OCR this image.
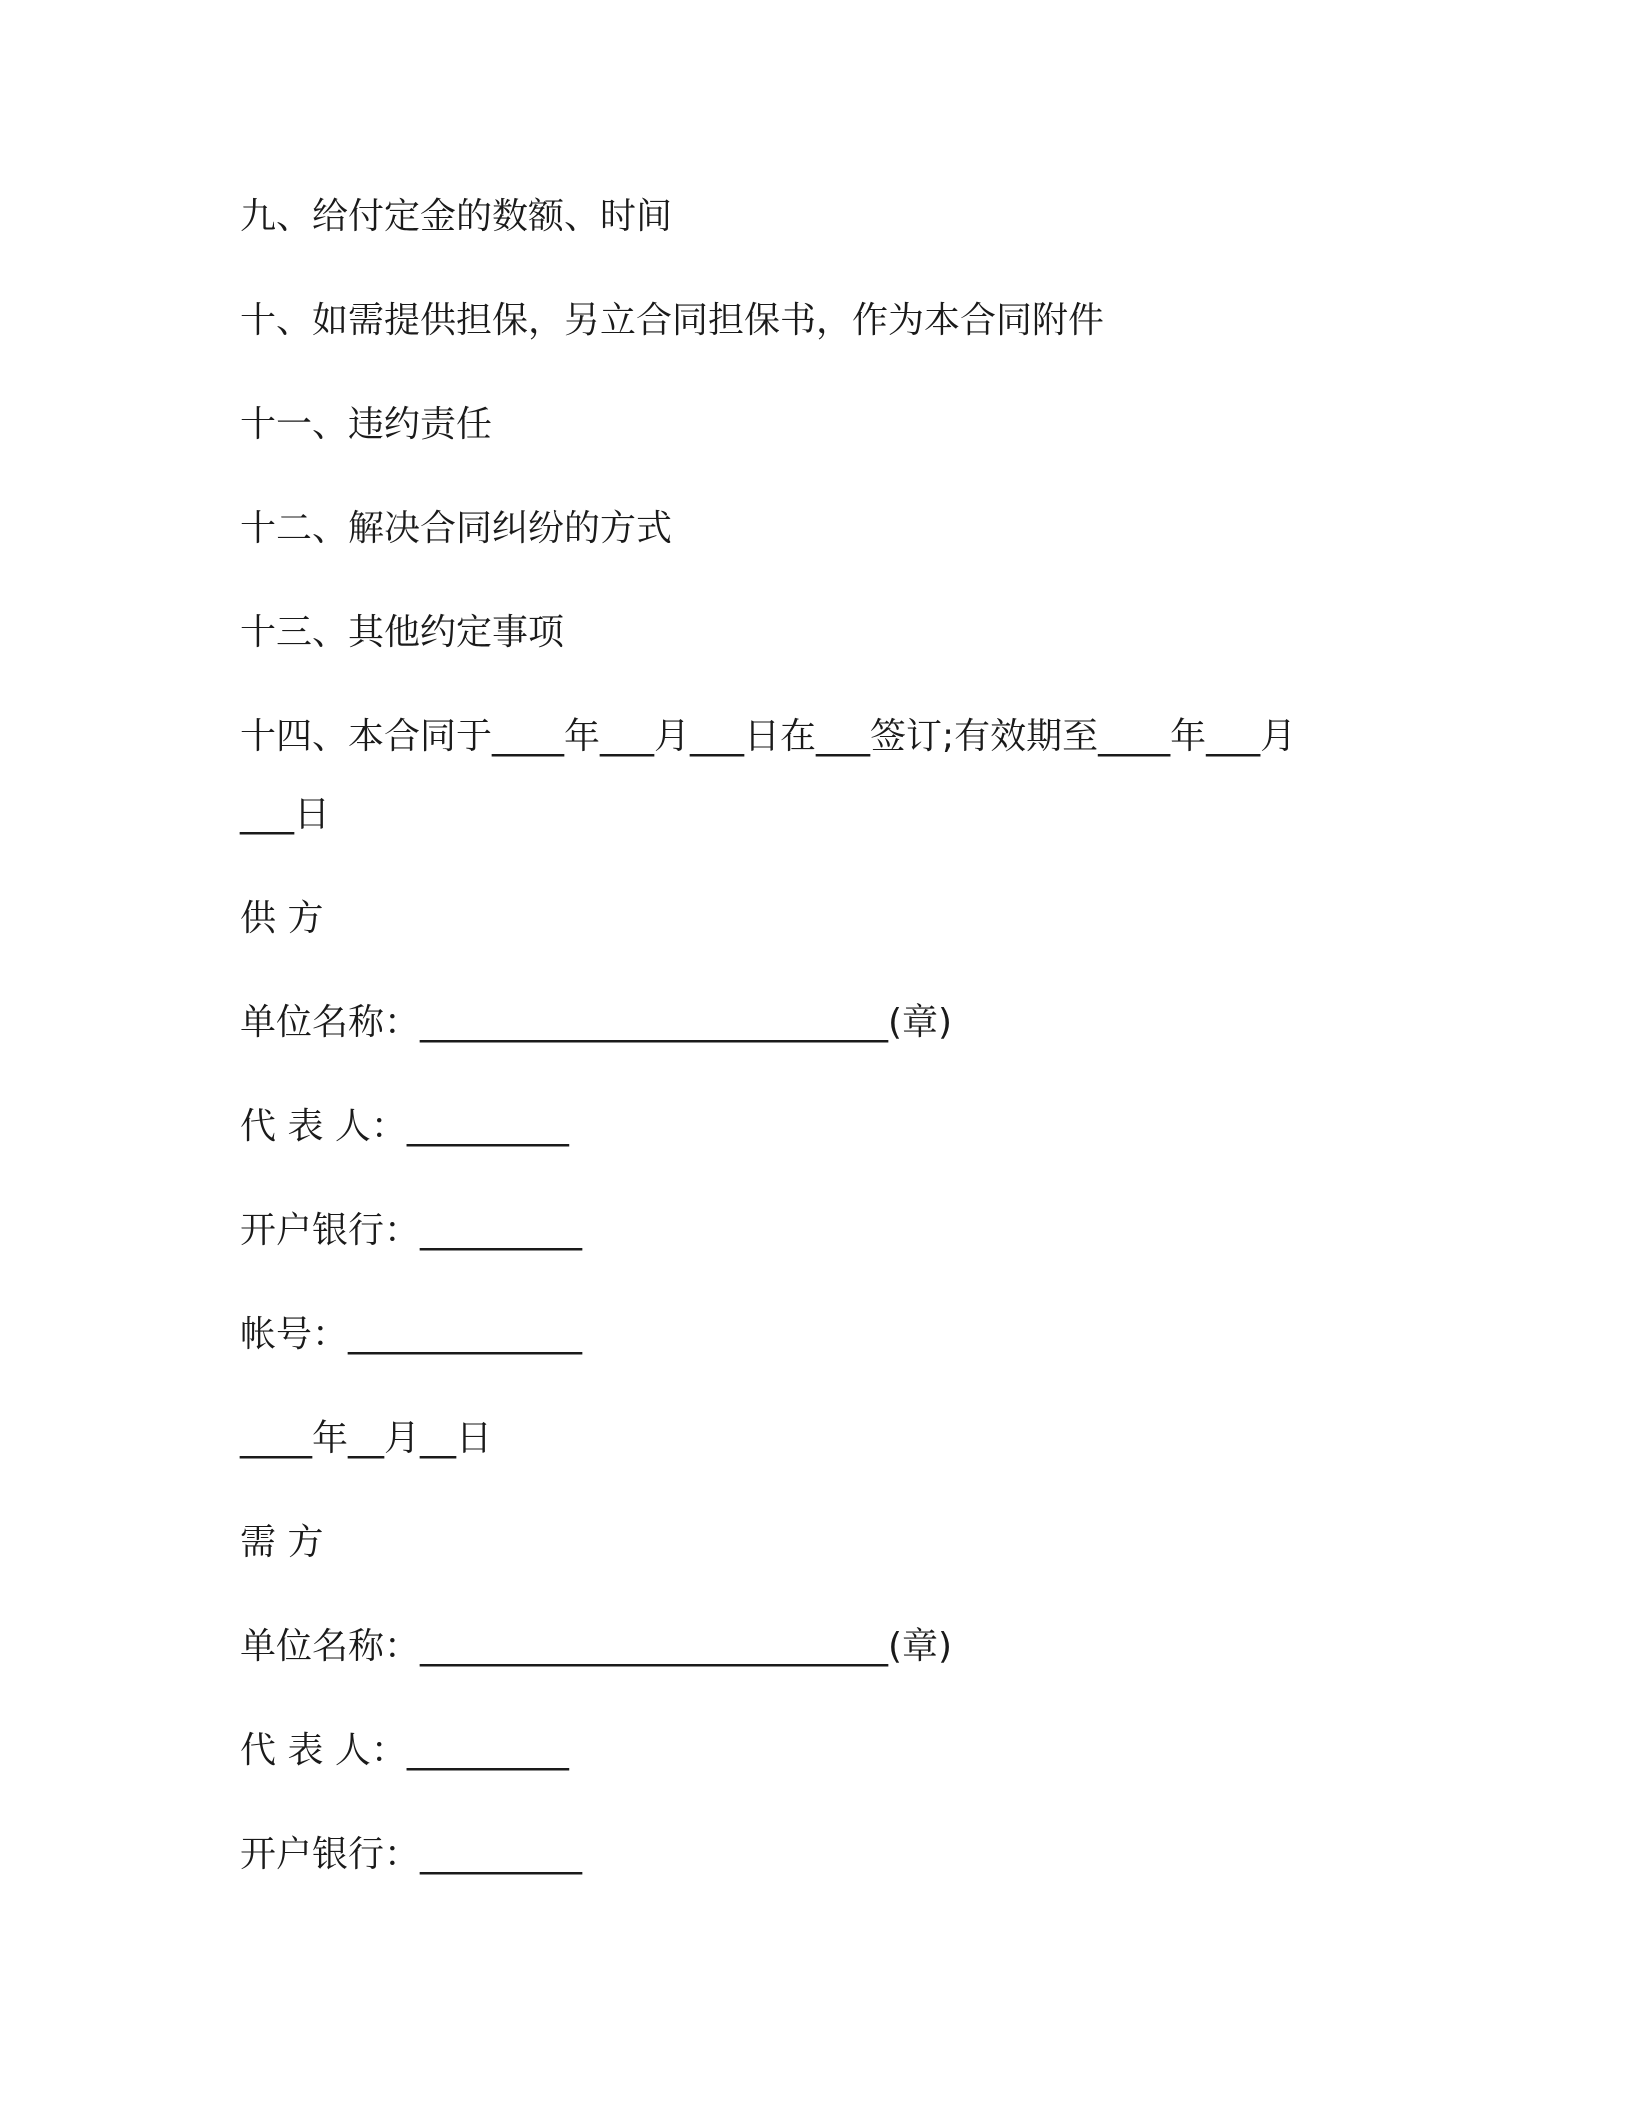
九、给付定金的数额、时间
十、如需提供担保，另立合同担保书，作为本合同附件
十一、违约责任
十二、解决合同纠纷的方式
十三、其他约定事项
十四、本合同于____年___月___日在___签订;有效期至____年___月
___日
供 方
单位名称：__________________________(章)
代 表 人：_________
开户银行：_________
帐号：_____________
____年__月__日
需 方
单位名称：__________________________(章)
代 表 人：_________
开户银行：_________
